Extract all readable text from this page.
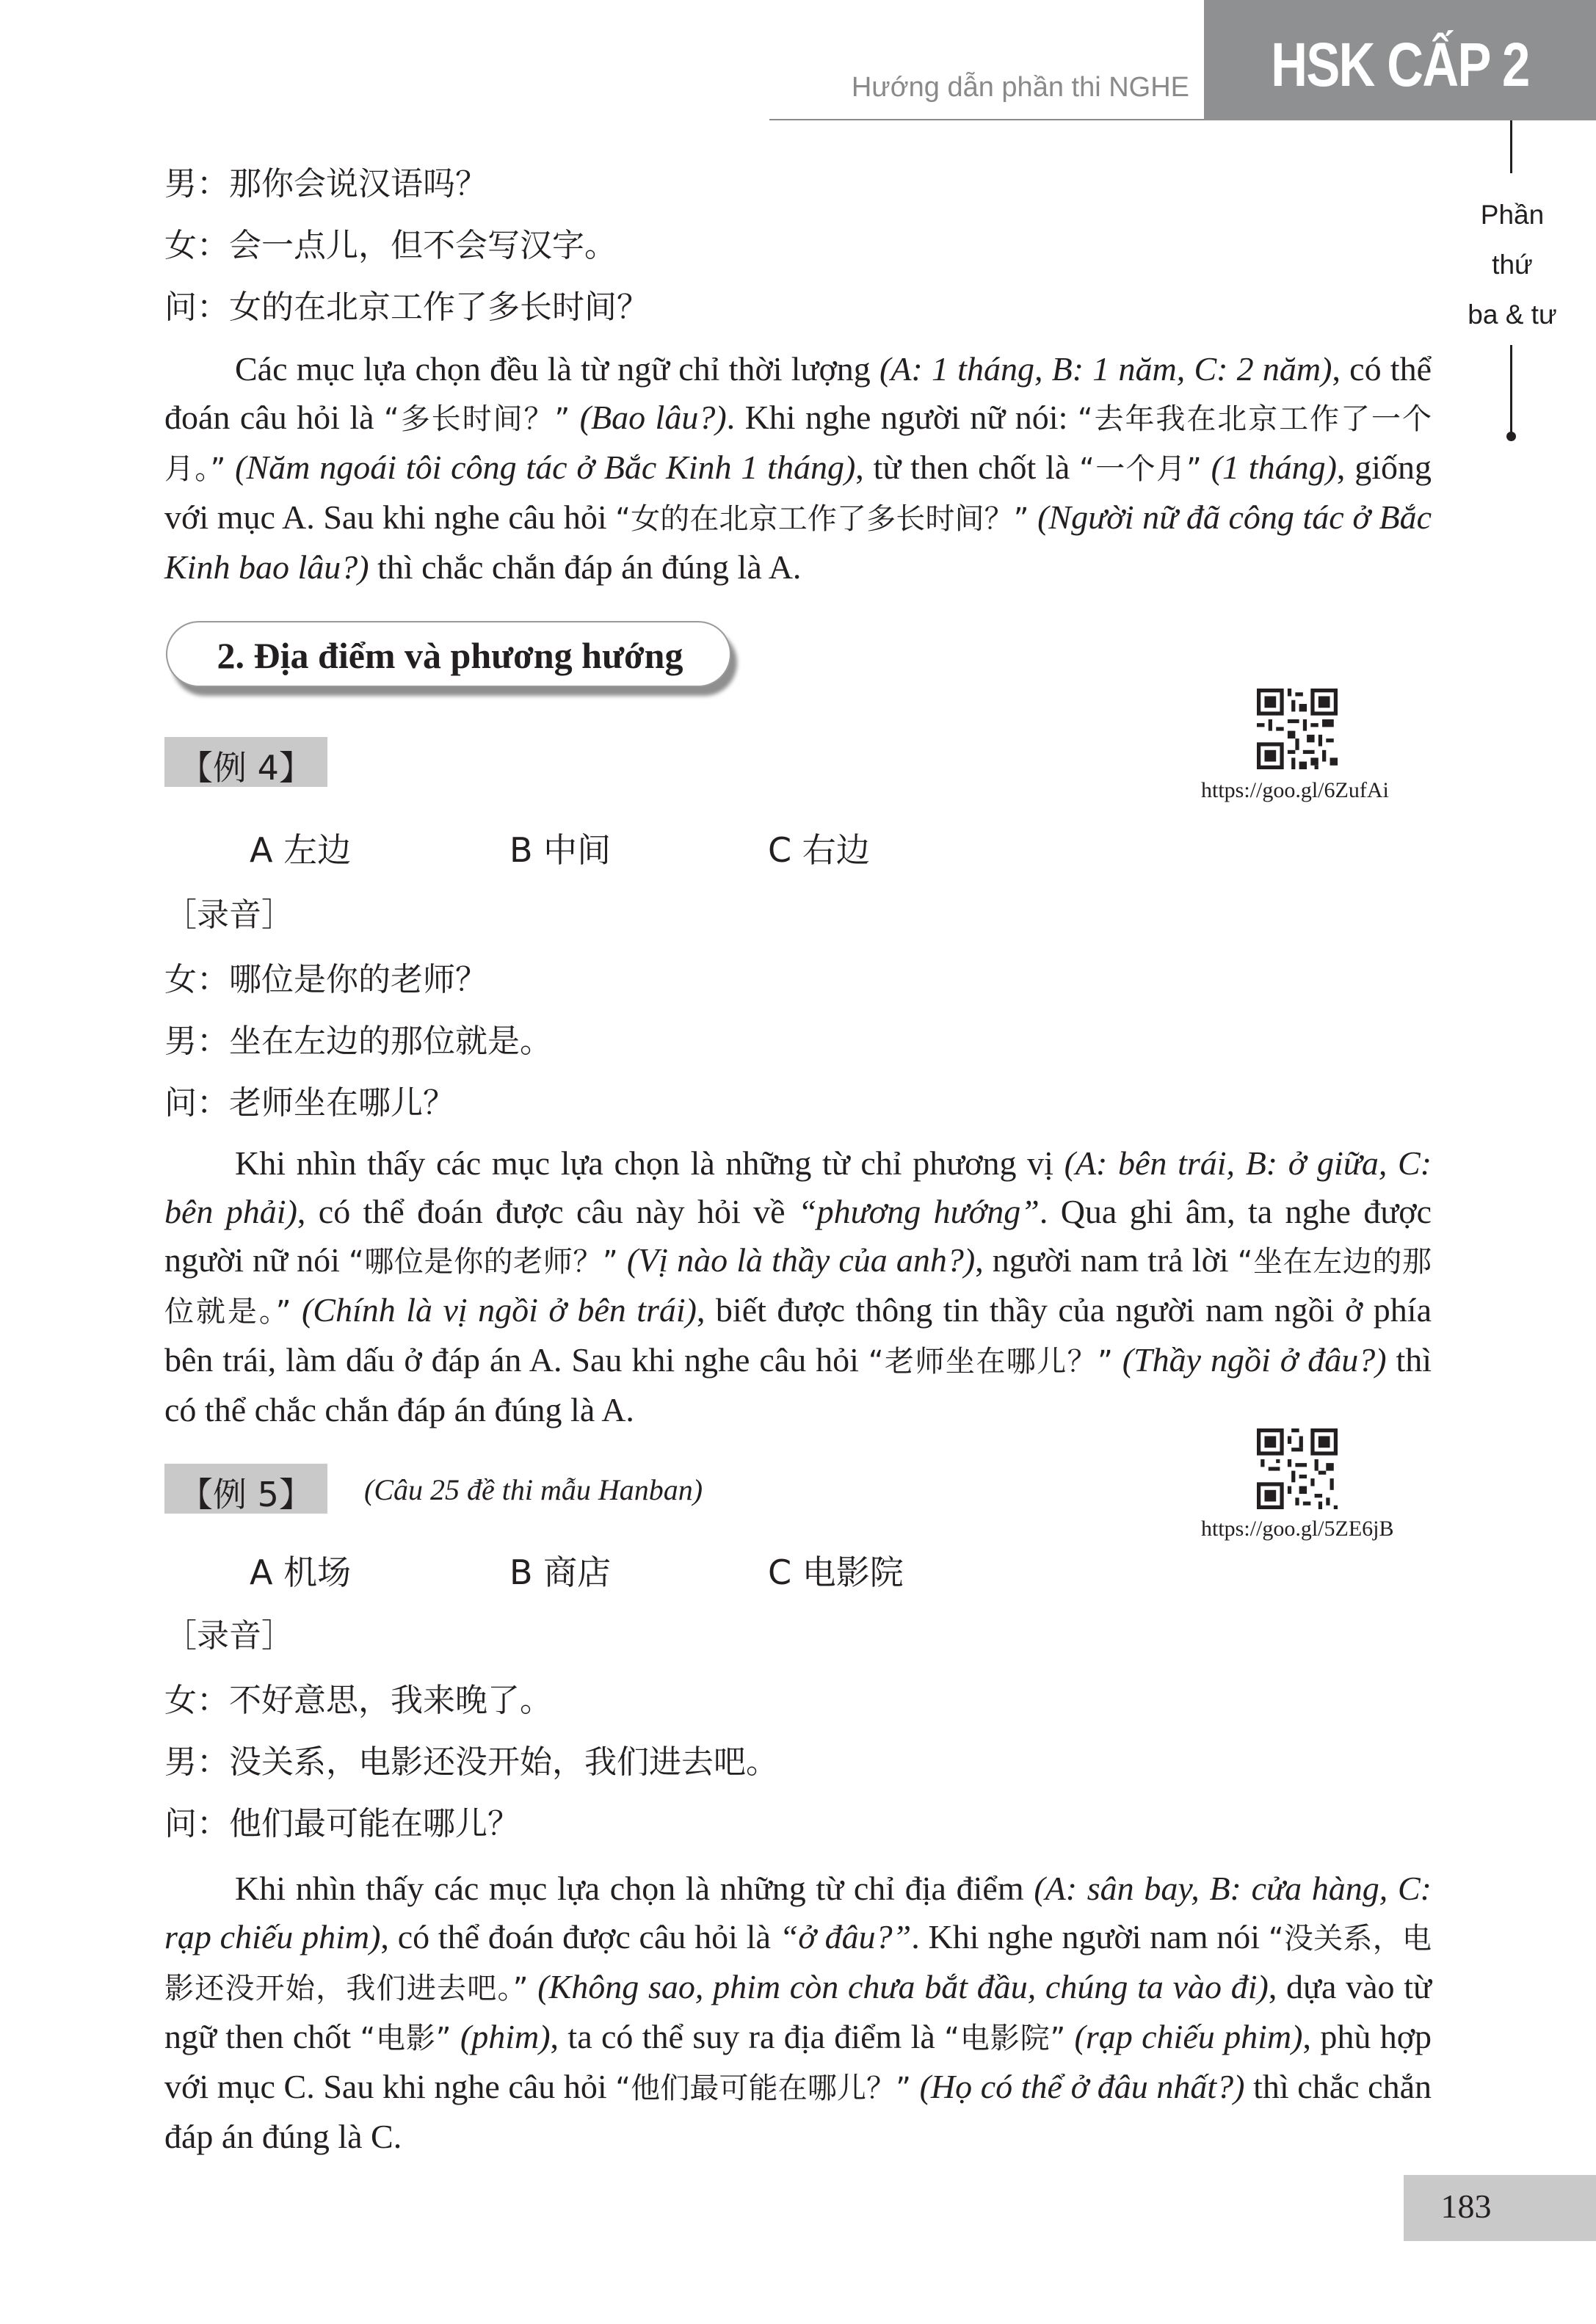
Hướng dẫn phần thi NGHE	HSK CẤP 2
Phần
thứ
ba & tư
男：那你会说汉语吗？
女：会一点儿，但不会写汉字。
问：女的在北京工作了多长时间？
Các mục lựa chọn đều là từ ngữ chỉ thời lượng (A: 1 tháng, B: 1 năm, C: 2 năm), có thể đoán câu hỏi là “多长时间？” (Bao lâu?). Khi nghe người nữ nói: “去年我在北京工作了一个月。” (Năm ngoái tôi công tác ở Bắc Kinh 1 tháng), từ then chốt là “一个月” (1 tháng), giống với mục A. Sau khi nghe câu hỏi “女的在北京工作了多长时间？” (Người nữ đã công tác ở Bắc Kinh bao lâu?) thì chắc chắn đáp án đúng là A.
2. Địa điểm và phương hướng
【例 4】
https://goo.gl/6ZufAi
A 左边	B 中间	C 右边
［录音］
女：哪位是你的老师？
男：坐在左边的那位就是。
问：老师坐在哪儿？
Khi nhìn thấy các mục lựa chọn là những từ chỉ phương vị (A: bên trái, B: ở giữa, C: bên phải), có thể đoán được câu này hỏi về “phương hướng”. Qua ghi âm, ta nghe được người nữ nói “哪位是你的老师？” (Vị nào là thầy của anh?), người nam trả lời “坐在左边的那位就是。” (Chính là vị ngồi ở bên trái), biết được thông tin thầy của người nam ngồi ở phía bên trái, làm dấu ở đáp án A. Sau khi nghe câu hỏi “老师坐在哪儿？” (Thầy ngồi ở đâu?) thì có thể chắc chắn đáp án đúng là A.
【例 5】	(Câu 25 đề thi mẫu Hanban)
https://goo.gl/5ZE6jB
A 机场	B 商店	C 电影院
［录音］
女：不好意思，我来晚了。
男：没关系，电影还没开始，我们进去吧。
问：他们最可能在哪儿？
Khi nhìn thấy các mục lựa chọn là những từ chỉ địa điểm (A: sân bay, B: cửa hàng, C: rạp chiếu phim), có thể đoán được câu hỏi là “ở đâu?”. Khi nghe người nam nói “没关系，电影还没开始，我们进去吧。” (Không sao, phim còn chưa bắt đầu, chúng ta vào đi), dựa vào từ ngữ then chốt “电影” (phim), ta có thể suy ra địa điểm là “电影院” (rạp chiếu phim), phù hợp với mục C. Sau khi nghe câu hỏi “他们最可能在哪儿？” (Họ có thể ở đâu nhất?) thì chắc chắn đáp án đúng là C.
183
